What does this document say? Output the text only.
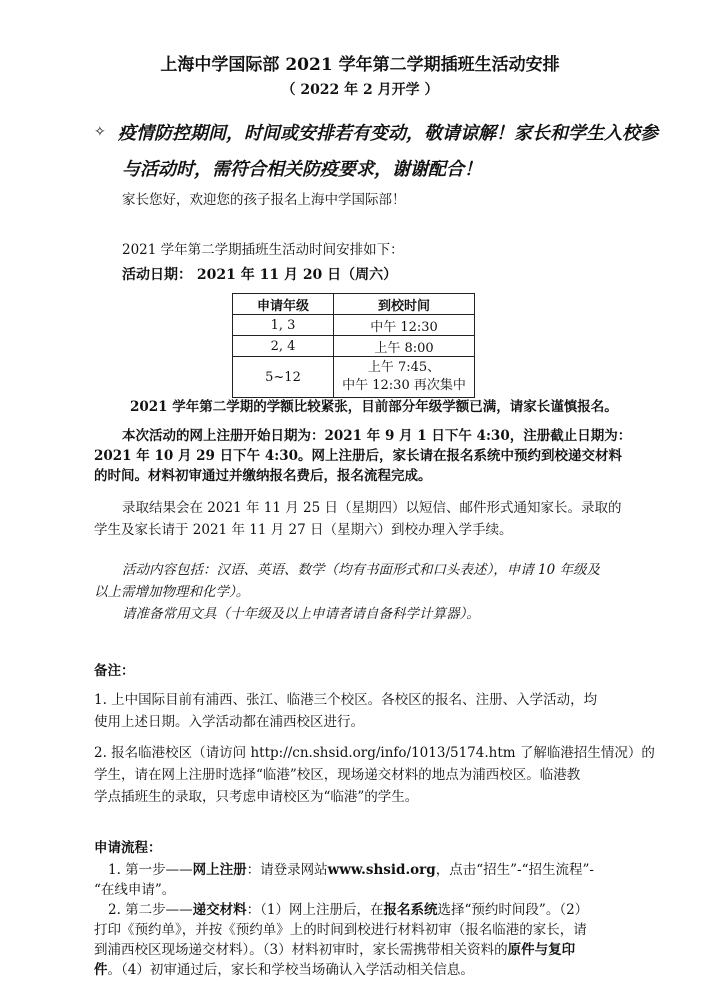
上海中学国际部 2021 学年第二学期插班生活动安排
（ 2022 年 2 月开学 ）
✧ 疫情防控期间，时间或安排若有变动，敬请谅解！家长和学生入校参
与活动时，需符合相关防疫要求，谢谢配合！
家长您好，欢迎您的孩子报名上海中学国际部！
2021 学年第二学期插班生活动时间安排如下：
活动日期： 2021 年 11 月 20 日（周六）
申请年级	到校时间
1, 3	中午 12:30
2, 4	上午 8:00
5~12	上午 7:45、
中午 12:30 再次集中
2021 学年第二学期的学额比较紧张，目前部分年级学额已满，请家长谨慎报名。
本次活动的网上注册开始日期为：2021 年 9 月 1 日下午 4:30，注册截止日期为：
2021 年 10 月 29 日下午 4:30。网上注册后，家长请在报名系统中预约到校递交材料
的时间。材料初审通过并缴纳报名费后，报名流程完成。
录取结果会在 2021 年 11 月 25 日（星期四）以短信、邮件形式通知家长。录取的
学生及家长请于 2021 年 11 月 27 日（星期六）到校办理入学手续。
活动内容包括：汉语、英语、数学（均有书面形式和口头表述），申请 10 年级及
以上需增加物理和化学）。
请准备常用文具（十年级及以上申请者请自备科学计算器）。
备注：
1. 上中国际目前有浦西、张江、临港三个校区。各校区的报名、注册、入学活动，均
使用上述日期。入学活动都在浦西校区进行。
2. 报名临港校区（请访问 http://cn.shsid.org/info/1013/5174.htm 了解临港招生情况）的
学生，请在网上注册时选择“临港”校区，现场递交材料的地点为浦西校区。临港教
学点插班生的录取，只考虑申请校区为“临港”的学生。
申请流程：
1. 第一步——网上注册：请登录网站www.shsid.org，点击“招生”-“招生流程”-
“在线申请”。
2. 第二步——递交材料：（1）网上注册后，在报名系统选择“预约时间段”。（2）
打印《预约单》，并按《预约单》上的时间到校进行材料初审（报名临港的家长，请
到浦西校区现场递交材料）。（3）材料初审时，家长需携带相关资料的原件与复印
件。（4）初审通过后，家长和学校当场确认入学活动相关信息。
